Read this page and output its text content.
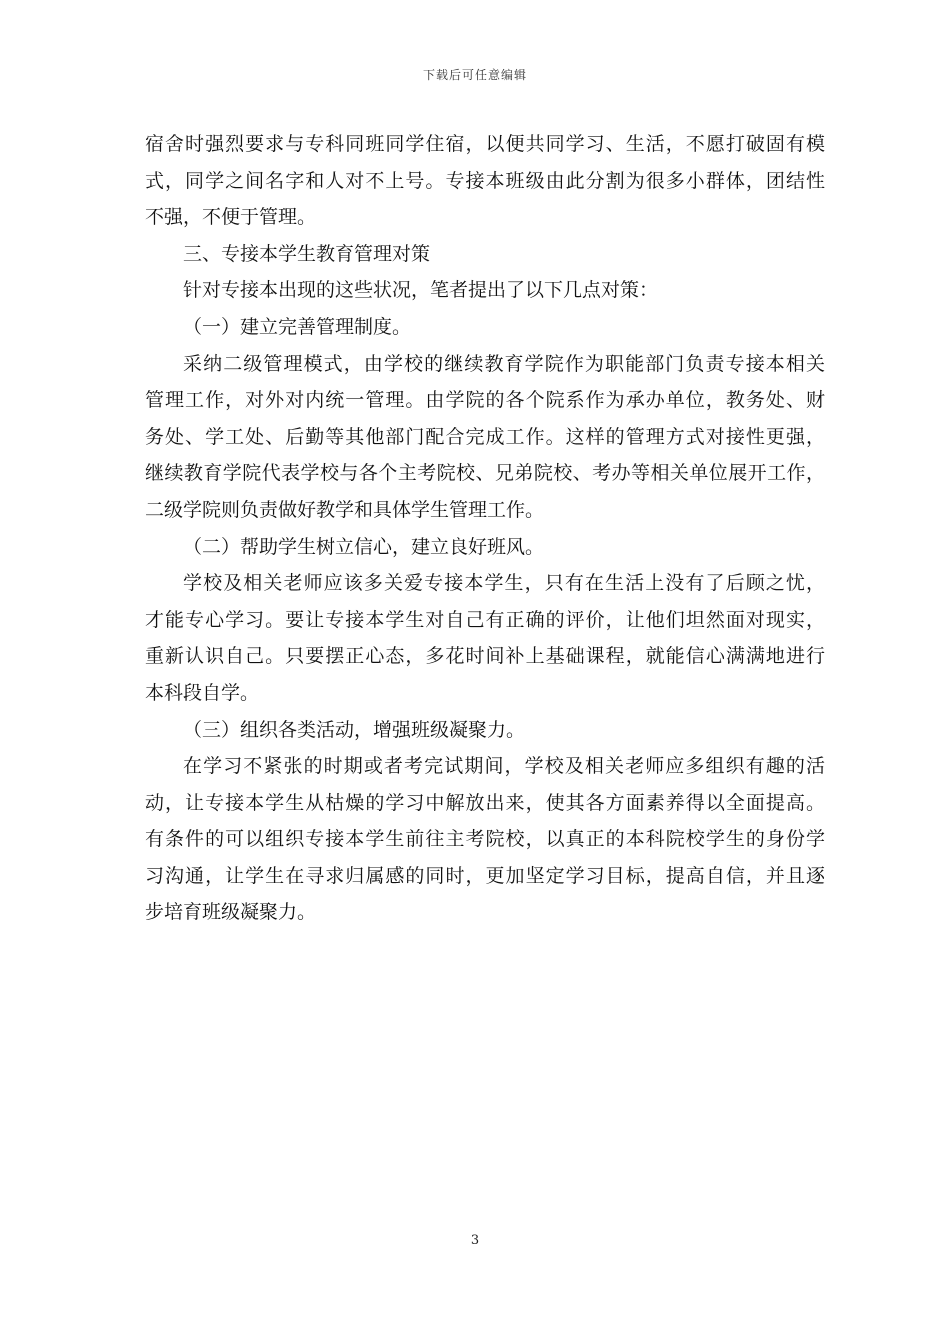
下载后可任意编辑
宿舍时强烈要求与专科同班同学住宿，以便共同学习、生活，不愿打破固有模
式，同学之间名字和人对不上号。专接本班级由此分割为很多小群体，团结性
不强，不便于管理。
三、专接本学生教育管理对策
针对专接本出现的这些状况，笔者提出了以下几点对策：
（一）建立完善管理制度。
采纳二级管理模式，由学校的继续教育学院作为职能部门负责专接本相关
管理工作，对外对内统一管理。由学院的各个院系作为承办单位，教务处、财
务处、学工处、后勤等其他部门配合完成工作。这样的管理方式对接性更强，
继续教育学院代表学校与各个主考院校、兄弟院校、考办等相关单位展开工作，
二级学院则负责做好教学和具体学生管理工作。
（二）帮助学生树立信心，建立良好班风。
学校及相关老师应该多关爱专接本学生，只有在生活上没有了后顾之忧，
才能专心学习。要让专接本学生对自己有正确的评价，让他们坦然面对现实，
重新认识自己。只要摆正心态，多花时间补上基础课程，就能信心满满地进行
本科段自学。
（三）组织各类活动，增强班级凝聚力。
在学习不紧张的时期或者考完试期间，学校及相关老师应多组织有趣的活
动，让专接本学生从枯燥的学习中解放出来，使其各方面素养得以全面提高。
有条件的可以组织专接本学生前往主考院校，以真正的本科院校学生的身份学
习沟通，让学生在寻求归属感的同时，更加坚定学习目标，提高自信，并且逐
步培育班级凝聚力。
3
